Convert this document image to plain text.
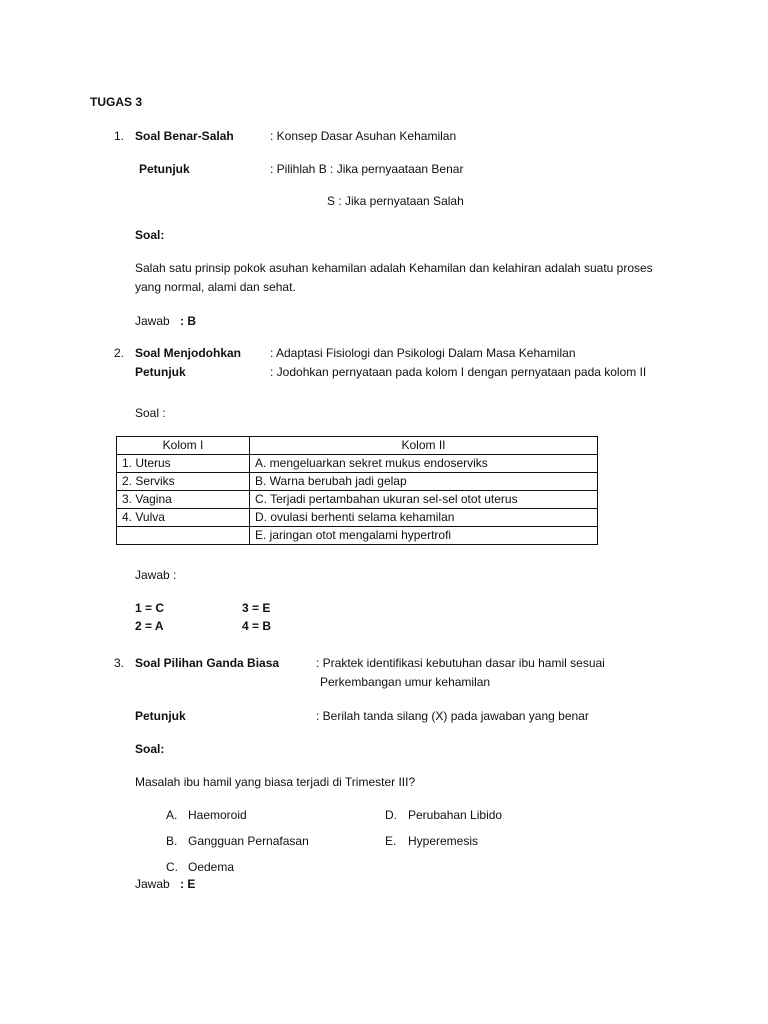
TUGAS 3
1. Soal Benar-Salah	: Konsep Dasar Asuhan Kehamilan
Petunjuk	: Pilihlah B : Jika pernyaataan Benar
S : Jika pernyataan Salah
Soal:
Salah satu prinsip pokok asuhan kehamilan adalah Kehamilan dan kelahiran adalah suatu proses
yang normal, alami dan sehat.
Jawab : B
2. Soal Menjodohkan : Adaptasi Fisiologi dan Psikologi Dalam Masa Kehamilan
Petunjuk	: Jodohkan pernyataan pada kolom I dengan pernyataan pada kolom II
Soal :
Kolom I	Kolom II
1. Uterus	A. mengeluarkan sekret mukus endoserviks
2. Serviks	B. Warna berubah jadi gelap
3. Vagina	C. Terjadi pertambahan ukuran sel-sel otot uterus
4. Vulva	D. ovulasi berhenti selama kehamilan
	E. jaringan otot mengalami hypertrofi
Jawab :
1 = C	3 = E
2 = A	4 = B
3. Soal Pilihan Ganda Biasa	: Praktek identifikasi kebutuhan dasar ibu hamil sesuai
Perkembangan umur kehamilan
Petunjuk	: Berilah tanda silang (X) pada jawaban yang benar
Soal:
Masalah ibu hamil yang biasa terjadi di Trimester III?
A. Haemoroid
B. Gangguan Pernafasan
C. Oedema
D. Perubahan Libido
E. Hyperemesis
Jawab : E
